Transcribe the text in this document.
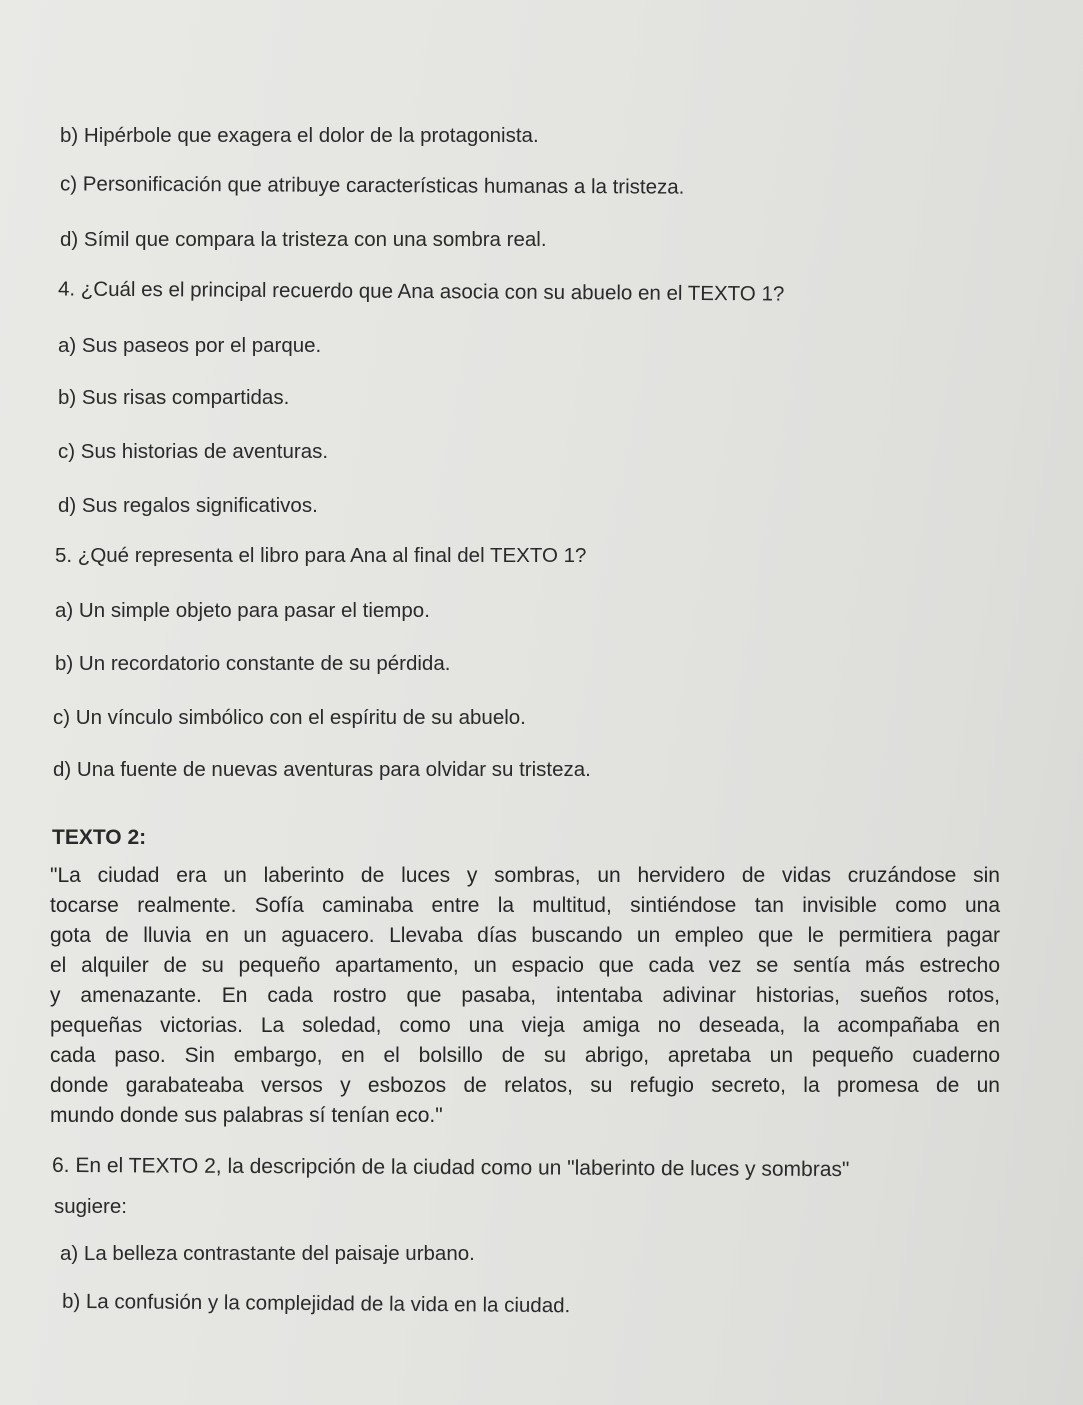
b) Hipérbole que exagera el dolor de la protagonista.

c) Personificación que atribuye características humanas a la tristeza.

d) Símil que compara la tristeza con una sombra real.

4. ¿Cuál es el principal recuerdo que Ana asocia con su abuelo en el TEXTO 1?

a) Sus paseos por el parque.

b) Sus risas compartidas.

c) Sus historias de aventuras.

d) Sus regalos significativos.

5. ¿Qué representa el libro para Ana al final del TEXTO 1?

a) Un simple objeto para pasar el tiempo.

b) Un recordatorio constante de su pérdida.

c) Un vínculo simbólico con el espíritu de su abuelo.

d) Una fuente de nuevas aventuras para olvidar su tristeza.

TEXTO 2:

"La ciudad era un laberinto de luces y sombras, un hervidero de vidas cruzándose sin
tocarse realmente. Sofía caminaba entre la multitud, sintiéndose tan invisible como una
gota de lluvia en un aguacero. Llevaba días buscando un empleo que le permitiera pagar
el alquiler de su pequeño apartamento, un espacio que cada vez se sentía más estrecho
y amenazante. En cada rostro que pasaba, intentaba adivinar historias, sueños rotos,
pequeñas victorias. La soledad, como una vieja amiga no deseada, la acompañaba en
cada paso. Sin embargo, en el bolsillo de su abrigo, apretaba un pequeño cuaderno
donde garabateaba versos y esbozos de relatos, su refugio secreto, la promesa de un
mundo donde sus palabras sí tenían eco."

6. En el TEXTO 2, la descripción de la ciudad como un "laberinto de luces y sombras"

sugiere:

a) La belleza contrastante del paisaje urbano.

b) La confusión y la complejidad de la vida en la ciudad.
